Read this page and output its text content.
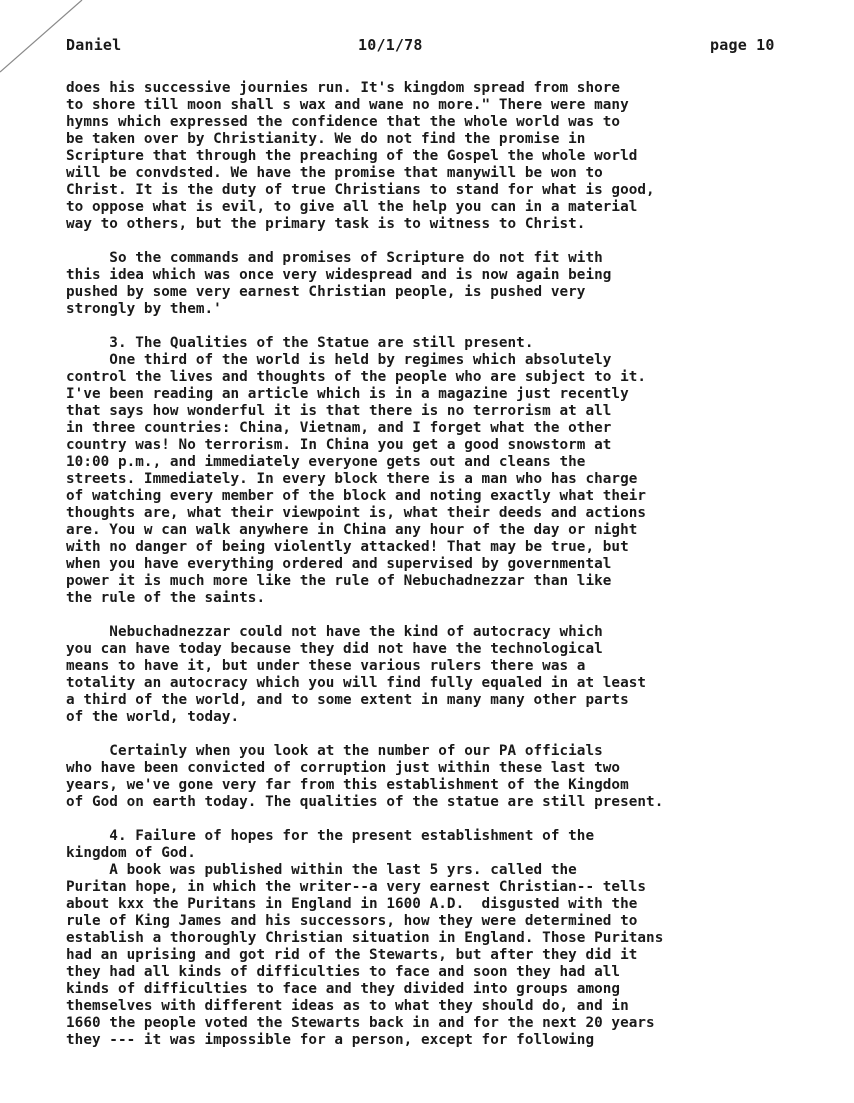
Daniel	10/1/78	page 10
does his successive journies run. It's kingdom spread from shore
to shore till moon shall s wax and wane no more." There were many
hymns which expressed the confidence that the whole world was to
be taken over by Christianity. We do not find the promise in
Scripture that through the preaching of the Gospel the whole world
will be convdsted. We have the promise that manywill be won to
Christ. It is the duty of true Christians to stand for what is good,
to oppose what is evil, to give all the help you can in a material
way to others, but the primary task is to witness to Christ.
So the commands and promises of Scripture do not fit with
this idea which was once very widespread and is now again being
pushed by some very earnest Christian people, is pushed very
strongly by them.'
3. The Qualities of the Statue are still present.
One third of the world is held by regimes which absolutely
control the lives and thoughts of the people who are subject to it.
I've been reading an article which is in a magazine just recently
that says how wonderful it is that there is no terrorism at all
in three countries: China, Vietnam, and I forget what the other
country was! No terrorism. In China you get a good snowstorm at
10:00 p.m., and immediately everyone gets out and cleans the
streets. Immediately. In every block there is a man who has charge
of watching every member of the block and noting exactly what their
thoughts are, what their viewpoint is, what their deeds and actions
are. You w can walk anywhere in China any hour of the day or night
with no danger of being violently attacked! That may be true, but
when you have everything ordered and supervised by governmental
power it is much more like the rule of Nebuchadnezzar than like
the rule of the saints.
Nebuchadnezzar could not have the kind of autocracy which
you can have today because they did not have the technological
means to have it, but under these various rulers there was a
totality an autocracy which you will find fully equaled in at least
a third of the world, and to some extent in many many other parts
of the world, today.
Certainly when you look at the number of our PA officials
who have been convicted of corruption just within these last two
years, we've gone very far from this establishment of the Kingdom
of God on earth today. The qualities of the statue are still present.
4. Failure of hopes for the present establishment of the
kingdom of God.
A book was published within the last 5 yrs. called the
Puritan hope, in which the writer--a very earnest Christian-- tells
about kxx the Puritans in England in 1600 A.D.  disgusted with the
rule of King James and his successors, how they were determined to
establish a thoroughly Christian situation in England. Those Puritans
had an uprising and got rid of the Stewarts, but after they did it
they had all kinds of difficulties to face and soon they had all
kinds of difficulties to face and they divided into groups among
themselves with different ideas as to what they should do, and in
1660 the people voted the Stewarts back in and for the next 20 years
they --- it was impossible for a person, except for following
